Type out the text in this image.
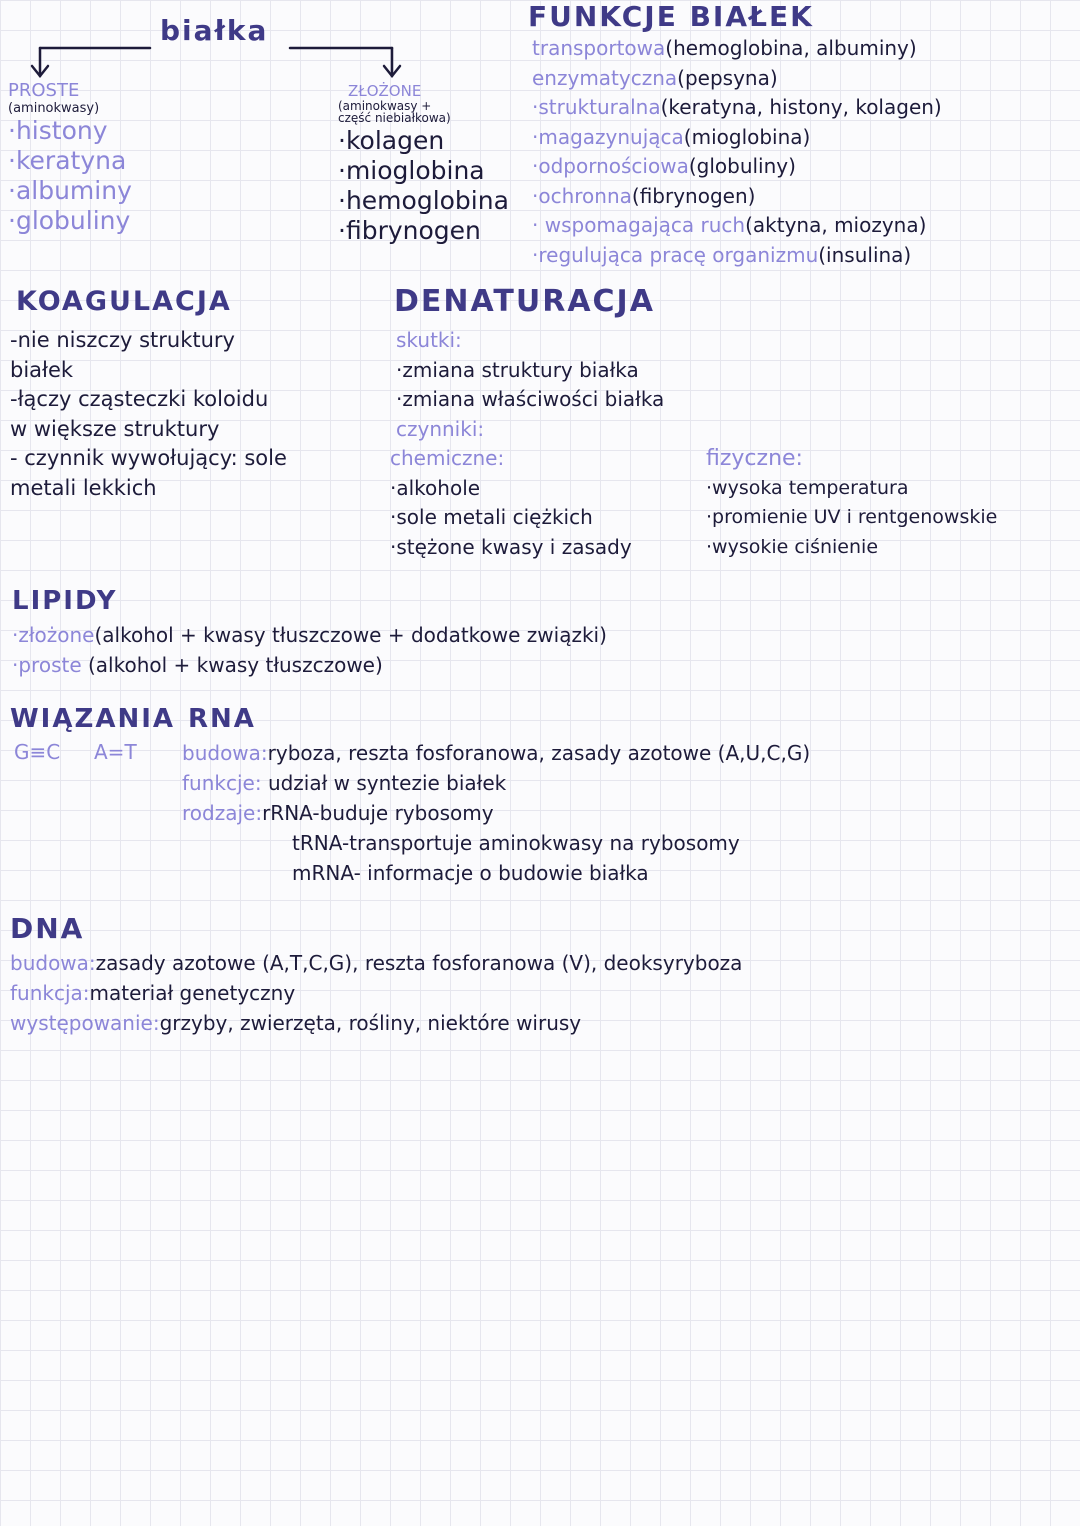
białka
PROSTE
(aminokwasy)
·histony
·keratyna
·albuminy
·globuliny
ZŁOŻONE
(aminokwasy +
część niebiałkowa)
·kolagen
·mioglobina
·hemoglobina
·fibrynogen
FUNKCJE BIAŁEK
transportowa(hemoglobina, albuminy)
enzymatyczna(pepsyna)
·strukturalna(keratyna, histony, kolagen)
·magazynująca(mioglobina)
·odpornościowa(globuliny)
·ochronna(fibrynogen)
· wspomagająca ruch(aktyna, miozyna)
·regulująca pracę organizmu(insulina)
KOAGULACJA
-nie niszczy struktury
białek
-łączy cząsteczki koloidu
w większe struktury
- czynnik wywołujący: sole
metali lekkich
DENATURACJA
skutki:
·zmiana struktury białka
·zmiana właściwości białka
czynniki:
chemiczne:
·alkohole
·sole metali ciężkich
·stężone kwasy i zasady
fizyczne:
·wysoka temperatura
·promienie UV i rentgenowskie
·wysokie ciśnienie
LIPIDY
·złożone(alkohol + kwasy tłuszczowe + dodatkowe związki)
·proste (alkohol + kwasy tłuszczowe)
WIĄZANIA
G≡C A=T
RNA
budowa:ryboza, reszta fosforanowa, zasady azotowe (A,U,C,G)
funkcje: udział w syntezie białek
rodzaje:rRNA-buduje rybosomy
tRNA-transportuje aminokwasy na rybosomy
mRNA- informacje o budowie białka
DNA
budowa:zasady azotowe (A,T,C,G), reszta fosforanowa (V), deoksyryboza
funkcja:materiał genetyczny
występowanie:grzyby, zwierzęta, rośliny, niektóre wirusy
